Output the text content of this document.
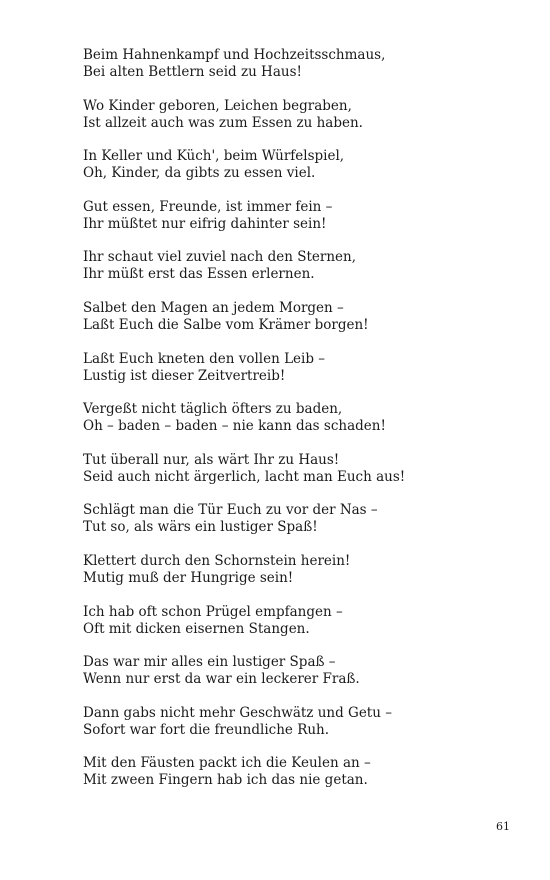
Beim Hahnenkampf und Hochzeitsschmaus,
Bei alten Bettlern seid zu Haus!
Wo Kinder geboren, Leichen begraben,
Ist allzeit auch was zum Essen zu haben.
In Keller und Küch', beim Würfelspiel,
Oh, Kinder, da gibts zu essen viel.
Gut essen, Freunde, ist immer fein –
Ihr müßtet nur eifrig dahinter sein!
Ihr schaut viel zuviel nach den Sternen,
Ihr müßt erst das Essen erlernen.
Salbet den Magen an jedem Morgen –
Laßt Euch die Salbe vom Krämer borgen!
Laßt Euch kneten den vollen Leib –
Lustig ist dieser Zeitvertreib!
Vergeßt nicht täglich öfters zu baden,
Oh – baden – baden – nie kann das schaden!
Tut überall nur, als wärt Ihr zu Haus!
Seid auch nicht ärgerlich, lacht man Euch aus!
Schlägt man die Tür Euch zu vor der Nas –
Tut so, als wärs ein lustiger Spaß!
Klettert durch den Schornstein herein!
Mutig muß der Hungrige sein!
Ich hab oft schon Prügel empfangen –
Oft mit dicken eisernen Stangen.
Das war mir alles ein lustiger Spaß –
Wenn nur erst da war ein leckerer Fraß.
Dann gabs nicht mehr Geschwätz und Getu –
Sofort war fort die freundliche Ruh.
Mit den Fäusten packt ich die Keulen an –
Mit zween Fingern hab ich das nie getan.
61
